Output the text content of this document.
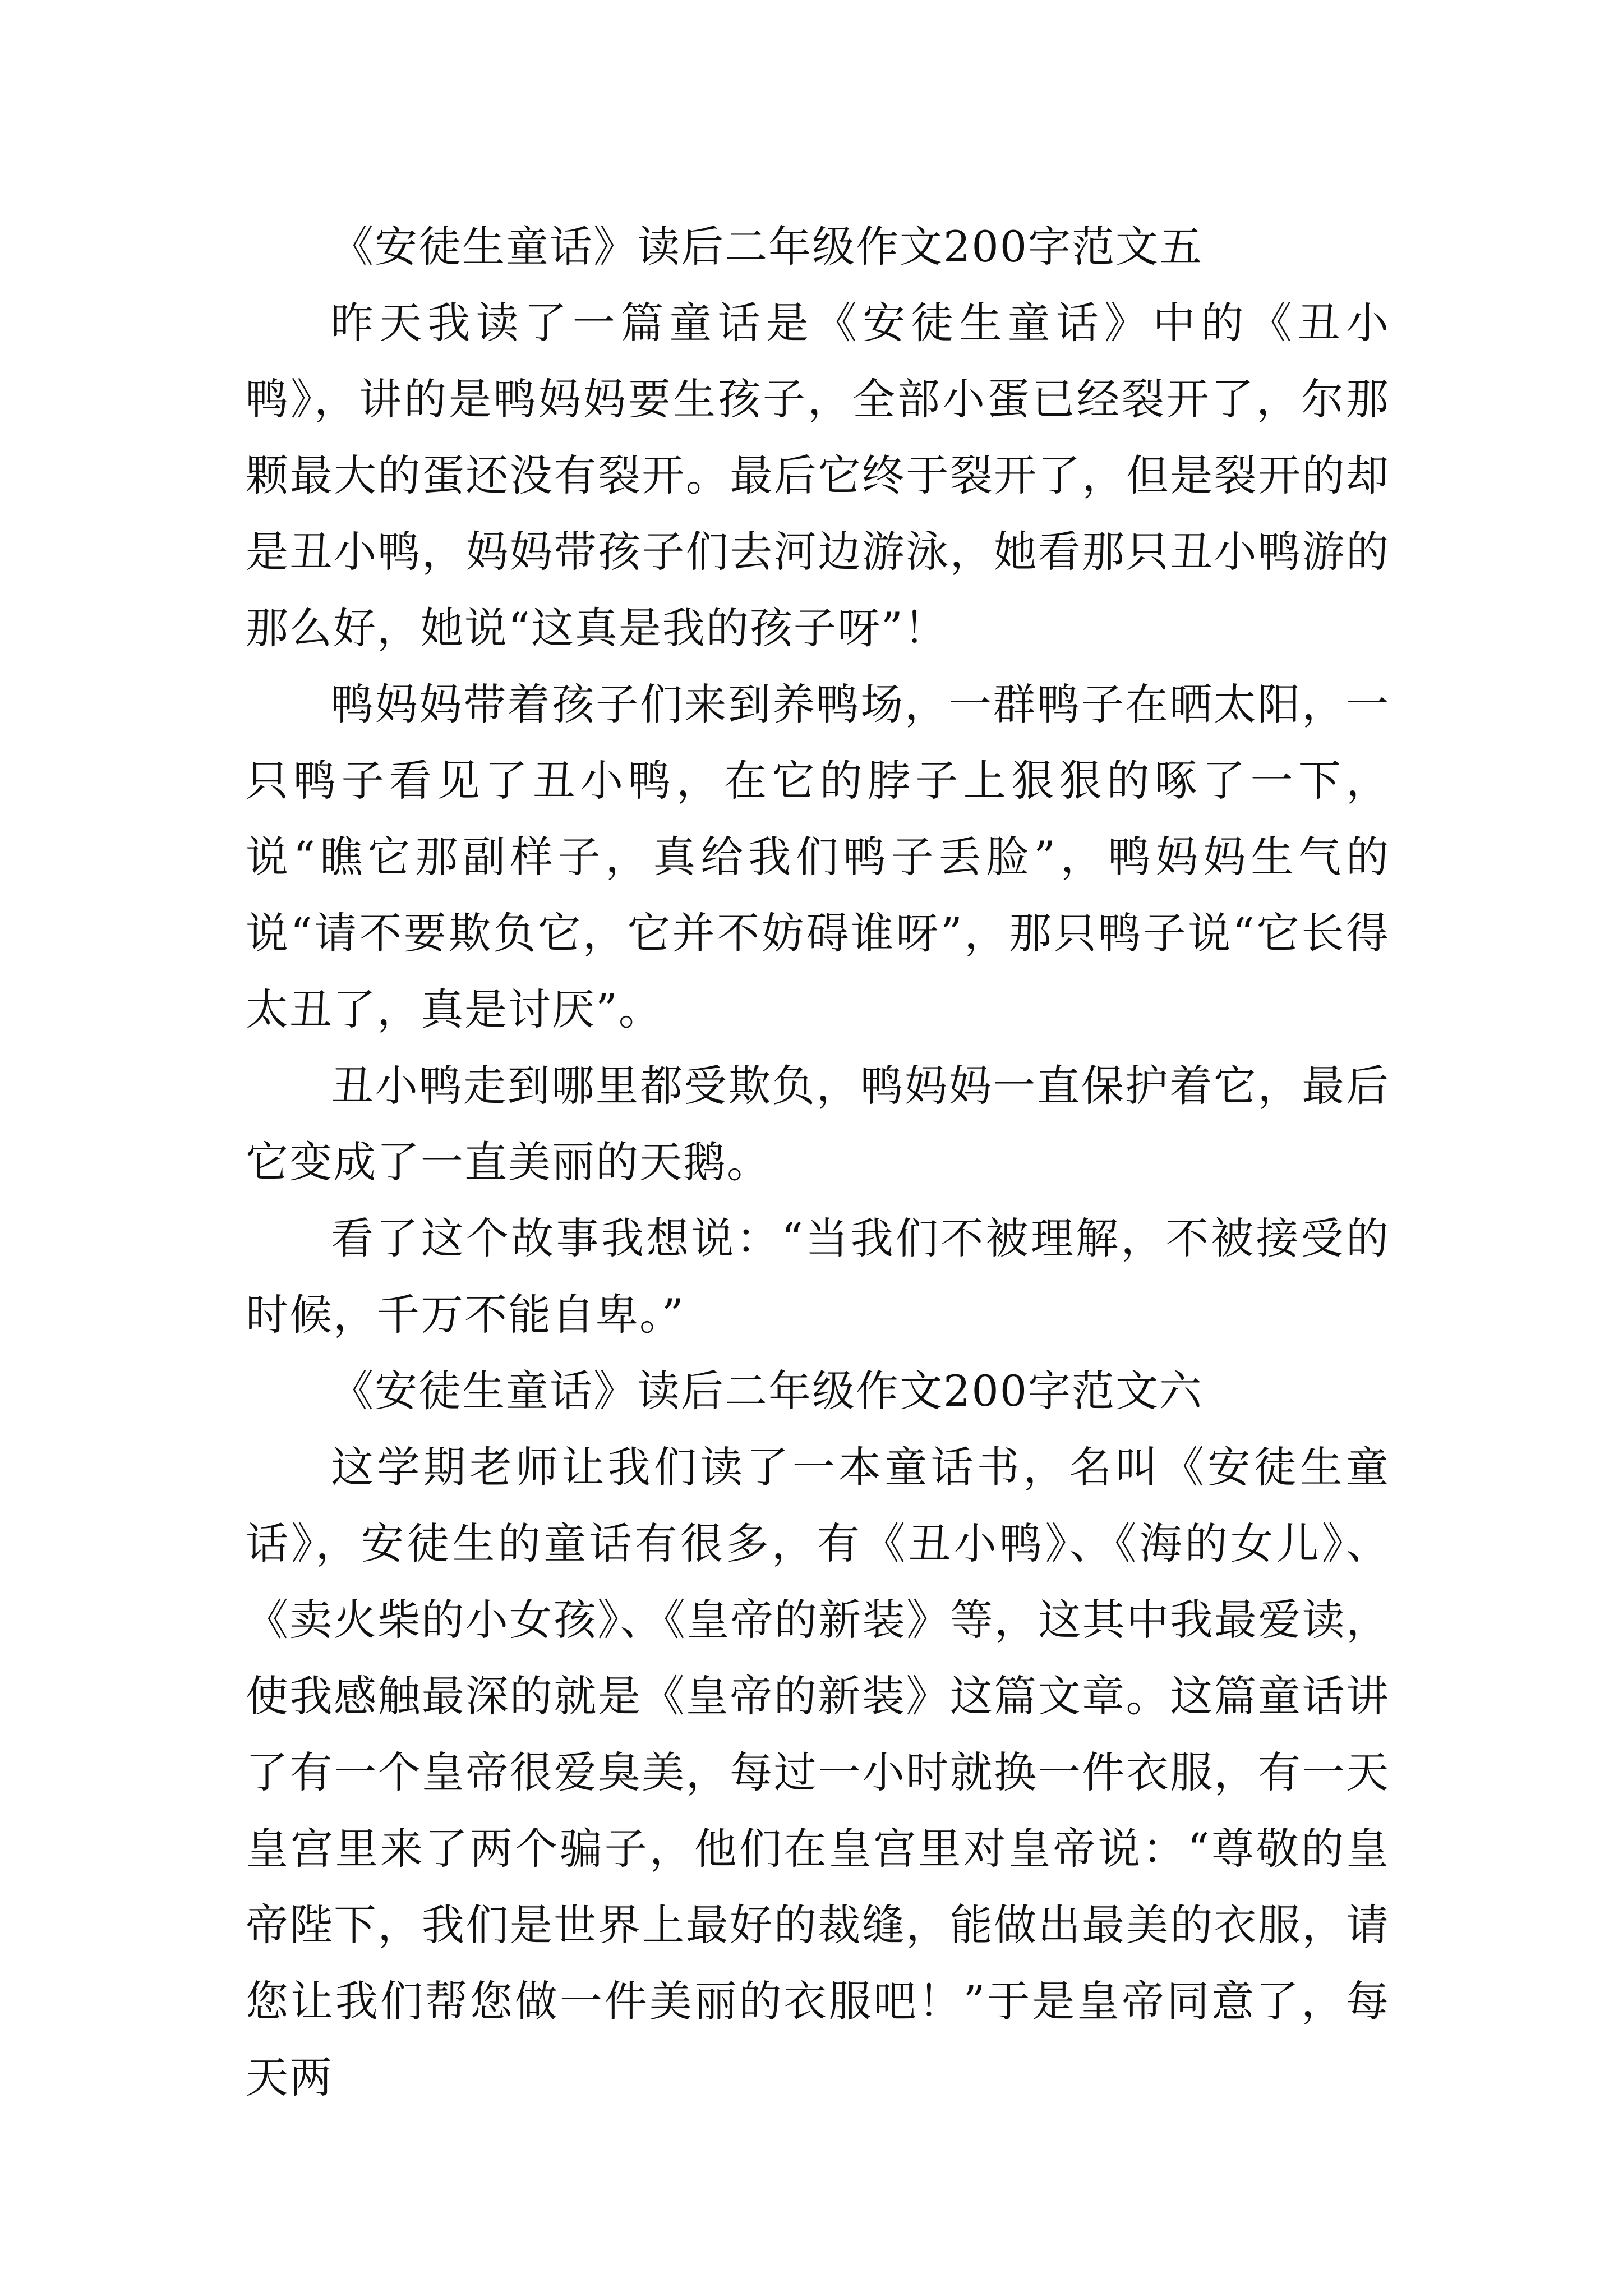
《安徒生童话》读后二年级作文200字范文五

昨天我读了一篇童话是《安徒生童话》中的《丑小鸭》，讲的是鸭妈妈要生孩子，全部小蛋已经裂开了，尔那颗最大的蛋还没有裂开。最后它终于裂开了，但是裂开的却是丑小鸭，妈妈带孩子们去河边游泳，她看那只丑小鸭游的那么好，她说“这真是我的孩子呀”！

鸭妈妈带着孩子们来到养鸭场，一群鸭子在晒太阳，一只鸭子看见了丑小鸭，在它的脖子上狠狠的啄了一下，说“瞧它那副样子，真给我们鸭子丢脸”，鸭妈妈生气的说“请不要欺负它，它并不妨碍谁呀”，那只鸭子说“它长得太丑了，真是讨厌”。

丑小鸭走到哪里都受欺负，鸭妈妈一直保护着它，最后它变成了一直美丽的天鹅。

看了这个故事我想说：“当我们不被理解，不被接受的时候，千万不能自卑。”

《安徒生童话》读后二年级作文200字范文六

这学期老师让我们读了一本童话书，名叫《安徒生童话》，安徒生的童话有很多，有《丑小鸭》、《海的女儿》、《卖火柴的小女孩》、《皇帝的新装》等，这其中我最爱读，使我感触最深的就是《皇帝的新装》这篇文章。这篇童话讲了有一个皇帝很爱臭美，每过一小时就换一件衣服，有一天皇宫里来了两个骗子，他们在皇宫里对皇帝说：“尊敬的皇帝陛下，我们是世界上最好的裁缝，能做出最美的衣服，请您让我们帮您做一件美丽的衣服吧！”于是皇帝同意了，每天两
